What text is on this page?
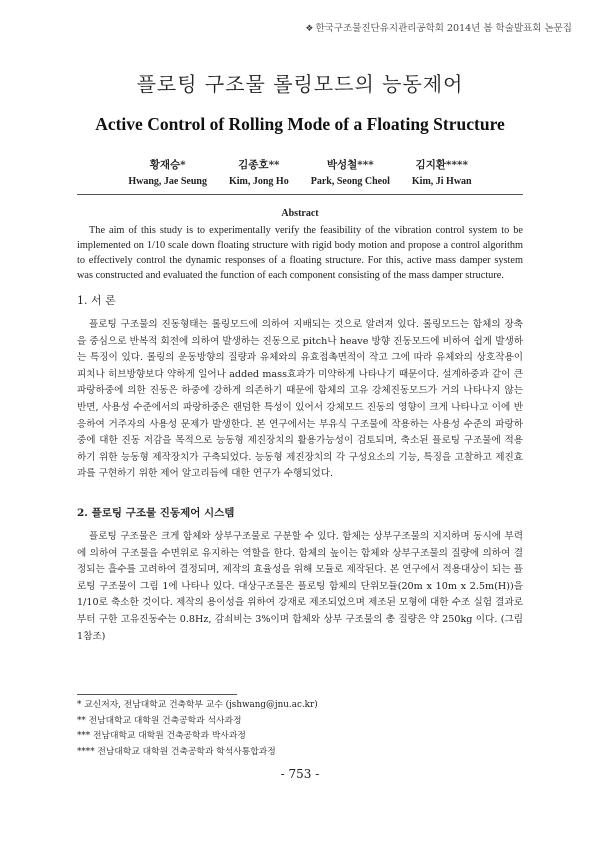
❖ 한국구조물진단유지관리공학회 2014년 봄 학술발표회 논문집
플로팅 구조물 롤링모드의 능동제어
Active Control of Rolling Mode of a Floating Structure
황재승*
Hwang, Jae Seung
김종호**
Kim, Jong Ho
박성철***
Park, Seong Cheol
김지환****
Kim, Ji Hwan
Abstract
The aim of this study is to experimentally verify the feasibility of the vibration control system to be implemented on 1/10 scale down floating structure with rigid body motion and propose a control algorithm to effectively control the dynamic responses of a floating structure. For this, active mass damper system was constructed and evaluated the function of each component consisting of the mass damper structure.
1. 서 론
플로팅 구조물의 진동형태는 롤링모드에 의하여 지배되는 것으로 알려져 있다. 롤링모드는 함체의 장축을 중심으로 반복적 회전에 의하여 발생하는 진동으로 pitch나 heave 방향 진동모드에 비하여 쉽게 발생하는 특징이 있다. 롤링의 운동방향의 질량과 유체와의 유효접촉면적이 작고 그에 따라 유체와의 상호작용이 피치나 히브방향보다 약하게 일어나 added mass효과가 미약하게 나타나기 때문이다. 설계하중과 같이 큰 파랑하중에 의한 진동은 하중에 강하게 의존하기 때문에 함체의 고유 강체진동모드가 거의 나타나지 않는 반면, 사용성 수준에서의 파랑하중은 랜덤한 특성이 있어서 강체모드 진동의 영향이 크게 나타나고 이에 반응하여 거주자의 사용성 문제가 발생한다. 본 연구에서는 부유식 구조물에 작용하는 사용성 수준의 파랑하중에 대한 진동 저감을 목적으로 능동형 제진장치의 활용가능성이 검토되며, 축소된 플로팅 구조물에 적용하기 위한 능동형 제작장치가 구축되었다. 능동형 제진장치의 각 구성요소의 기능, 특징을 고찰하고 제진효과를 구현하기 위한 제어 알고리듬에 대한 연구가 수행되었다.
2. 플로팅 구조물 진동제어 시스템
플로팅 구조물은 크게 함체와 상부구조물로 구분할 수 있다. 함체는 상부구조물의 지지하며 동시에 부력에 의하여 구조물을 수면위로 유지하는 역할을 한다. 함체의 높이는 함체와 상부구조물의 질량에 의하여 결정되는 흘수를 고려하여 결정되며, 제작의 효율성을 위해 모듈로 제작된다. 본 연구에서 적용대상이 되는 플로팅 구조물이 그림 1에 나타나 있다. 대상구조물은 플로팅 함체의 단위모듈(20m x 10m x 2.5m(H))을 1/10로 축소한 것이다. 제작의 용이성을 위하여 강재로 제조되었으며 제조된 모형에 대한 수조 실험 결과로부터 구한 고유진동수는 0.8Hz, 감쇠비는 3%이며 함체와 상부 구조물의 총 질량은 약 250kg 이다. (그림 1참조)
* 교신저자, 전남대학교 건축학부 교수 (jshwang@jnu.ac.kr)
** 전남대학교 대학원 건축공학과 석사과정
*** 전남대학교 대학원 건축공학과 박사과정
**** 전남대학교 대학원 건축공학과 학석사통합과정
- 753 -
